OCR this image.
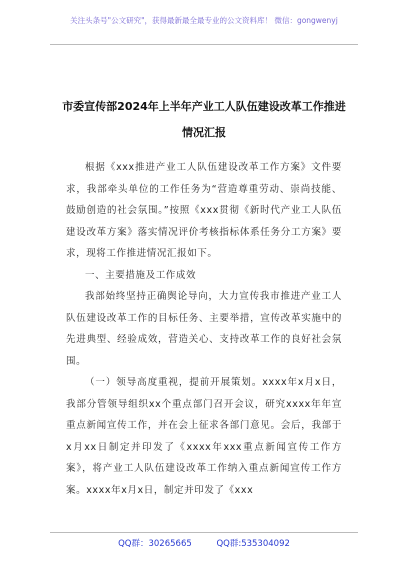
关注头条号"公文研究"，获得最新最全最专业的公文资料库！ 微信：gongwenyj
市委宣传部2024年上半年产业工人队伍建设改革工作推进
情况汇报

根据《xxx推进产业工人队伍建设改革工作方案》文件要求，我部牵头单位的工作任务为“营造尊重劳动、崇尚技能、鼓励创造的社会氛围。”按照《xxx贯彻《新时代产业工人队伍建设改革方案》落实情况评价考核指标体系任务分工方案》要求，现将工作推进情况汇报如下。

一、主要措施及工作成效

我部始终坚持正确舆论导向，大力宣传我市推进产业工人队伍建设改革工作的目标任务、主要举措，宣传改革实施中的先进典型、经验成效，营造关心、支持改革工作的良好社会氛围。

（一）领导高度重视，提前开展策划。xxxx年x月x日，我部分管领导组织xx个重点部门召开会议，研究xxxx年年宣重点新闻宣传工作，并在会上征求各部门意见。会后，我部于x月xx日制定并印发了《xxxx年xxx重点新闻宣传工作方案》，将产业工人队伍建设改革工作纳入重点新闻宣传工作方案。xxxx年x月x日，制定并印发了《xxx

QQ群：30265665	QQ群:535304092
